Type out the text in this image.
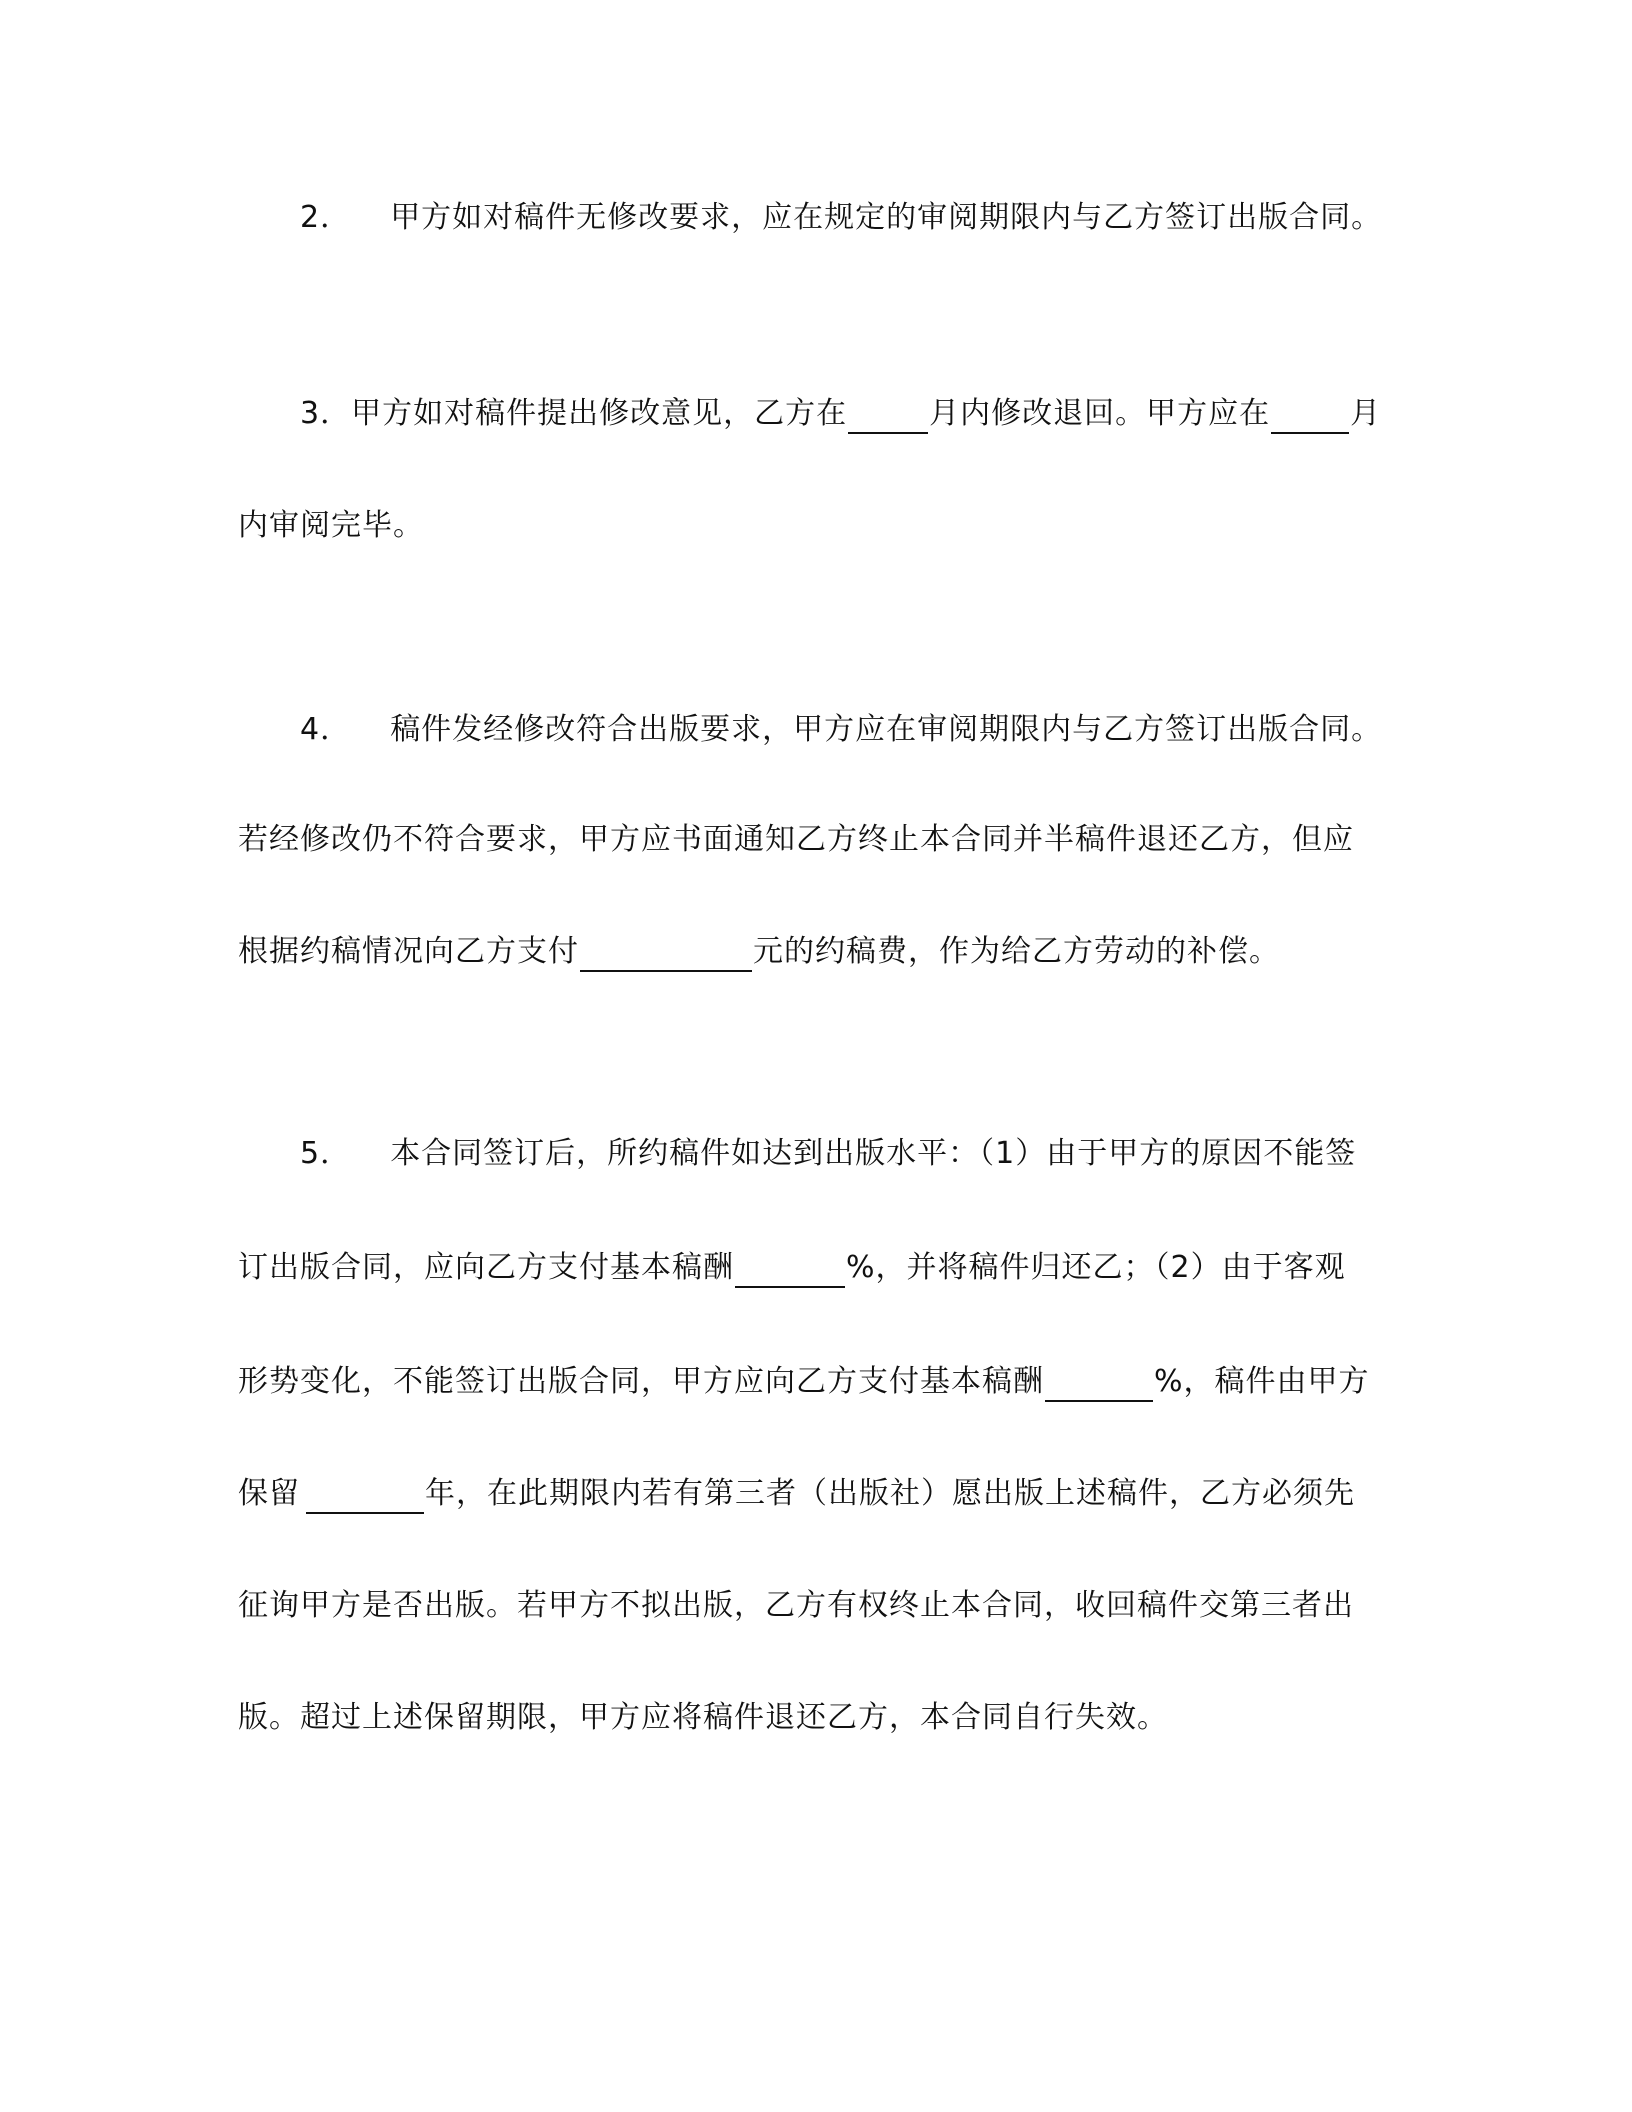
2． 甲方如对稿件无修改要求，应在规定的审阅期限内与乙方签订出版合同。
3．甲方如对稿件提出修改意见，乙方在	月内修改退回。甲方应在	月
内审阅完毕。
4． 稿件发经修改符合出版要求，甲方应在审阅期限内与乙方签订出版合同。
若经修改仍不符合要求，甲方应书面通知乙方终止本合同并半稿件退还乙方，但应
根据约稿情况向乙方支付	元的约稿费，作为给乙方劳动的补偿。
5． 本合同签订后，所约稿件如达到出版水平：（1）由于甲方的原因不能签
订出版合同，应向乙方支付基本稿酬	%，并将稿件归还乙；（2）由于客观
形势变化，不能签订出版合同，甲方应向乙方支付基本稿酬	%，稿件由甲方
保留	年，在此期限内若有第三者（出版社）愿出版上述稿件，乙方必须先
征询甲方是否出版。若甲方不拟出版，乙方有权终止本合同，收回稿件交第三者出
版。超过上述保留期限，甲方应将稿件退还乙方，本合同自行失效。
